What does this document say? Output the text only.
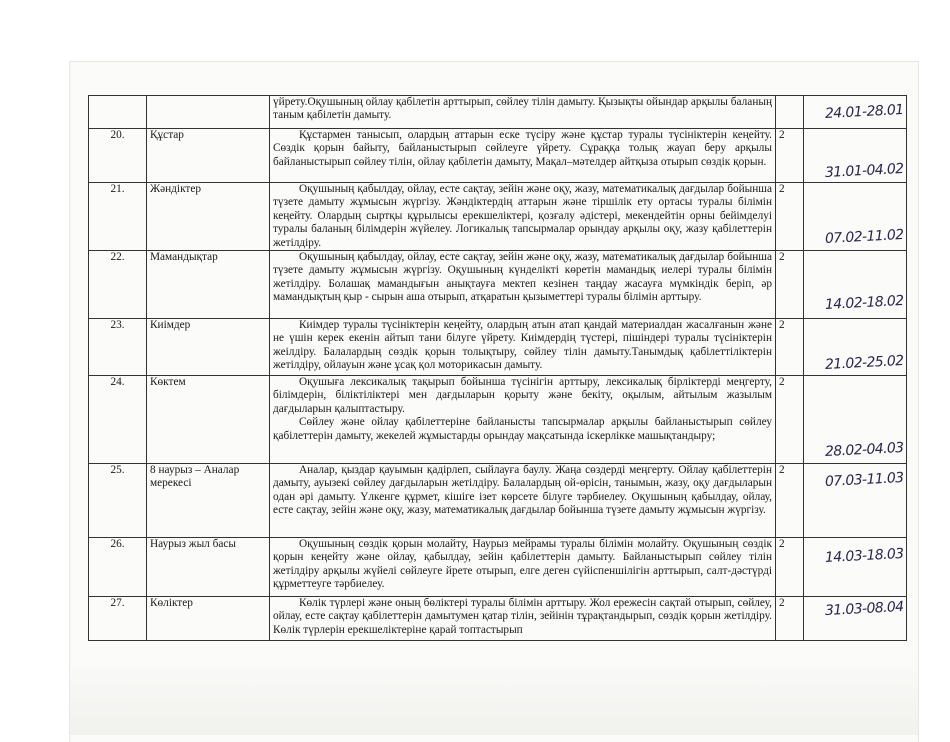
		үйрету.Оқушының ойлау қабілетін арттырып, сөйлеу тілін дамыту. Қызықты ойындар арқылы баланың таным қабілетін дамыту.		24.01-28.01

20.	Құстар	Құстармен танысып, олардың аттарын еске түсіру және құстар туралы түсініктерін кеңейту. Сөздік қорын байыту, байланыстырып сөйлеуге үйрету. Сұраққа толық жауап беру арқылы байланыстырып сөйлеу тілін, ойлау қабілетін дамыту, Мақал–мәтелдер айтқыза отырып сөздік қорын.	2	31.01-04.02

21.	Жәндіктер	Оқушының қабылдау, ойлау, есте сақтау, зейін және оқу, жазу, математикалық дағдылар бойынша түзете дамыту жұмысын жүргізу. Жәндіктердің аттарын және тіршілік ету ортасы туралы білімін кеңейту. Олардың сыртқы құрылысы ерекшеліктері, қозғалу әдістері, мекендейтін орны бейімделуі туралы баланың білімдерін жүйелеу. Логикалық тапсырмалар орындау арқылы оқу, жазу қабілеттерін жетілдіру.	2	07.02-11.02

22.	Мамандықтар	Оқушының қабылдау, ойлау, есте сақтау, зейін және оқу, жазу, математикалық дағдылар бойынша түзете дамыту жұмысын жүргізу. Оқушының күнделікті көретін мамандық иелері туралы білімін жетілдіру. Болашақ мамандығын анықтауға мектеп кезінен таңдау жасауға мүмкіндік беріп, әр мамандықтың қыр - сырын аша отырып, атқаратын қызыметтері туралы білімін арттыру.	2	14.02-18.02

23.	Киімдер	Киімдер туралы түсініктерін кеңейту, олардың атын атап қандай материалдан жасалғанын және не үшін керек екенін айтып тани білуге үйрету. Киімдердің түстері, пішіндері туралы түсініктерін жеілдіру. Балалардың сөздік қорын толықтыру, сөйлеу тілін дамыту.Танымдық қабілеттіліктерін жетілдіру, ойлауын және ұсақ қол моторикасын дамыту.	2	21.02-25.02

24.	Көктем	Оқушыға лексикалық тақырып бойынша түсінігін арттыру, лексикалық бірліктерді меңгерту, білімдерін, біліктіліктері мен дағдыларын қорыту және бекіту, оқылым, айтылым жазылым дағдыларын қалыптастыру.

Сөйлеу және ойлау қабілеттеріне байланысты тапсырмалар арқылы байланыстырып сөйлеу қабілеттерін дамыту, жекелей жұмыстарды орындау мақсатында іскерлікке машықтандыру;	2	28.02-04.03

25.	8 наурыз – Аналар мерекесі	Аналар, қыздар қауымын қадірлеп, сыйлауға баулу. Жаңа сөздерді меңгерту. Ойлау қабілеттерін дамыту, ауызекі сөйлеу дағдыларын жетілдіру. Балалардың ой-өрісін, танымын, жазу, оқу дағдыларын одан әрі дамыту. Үлкенге құрмет, кішіге ізет көрсете білуге тәрбиелеу. Оқушының қабылдау, ойлау, есте сақтау, зейін және оқу, жазу, математикалық дағдылар бойынша түзете дамыту жұмысын жүргізу.	2	07.03-11.03

26.	Наурыз жыл басы	Оқушының сөздік қорын молайту, Наурыз мейрамы туралы білімін молайту. Оқушының сөздік қорын кеңейту және ойлау, қабылдау, зейін қабілеттерін дамыту. Байланыстырып сөйлеу тілін жетілдіру арқылы жүйелі сөйлеуге йрете отырып, елге деген сүйіспеншілігін арттырып, салт-дәстүрді құрметтеуге тәрбиелеу.	2	14.03-18.03

27.	Көліктер	Көлік түрлері және оның бөліктері туралы білімін арттыру. Жол ережесін сақтай отырып, сөйлеу, ойлау, есте сақтау қабілеттерін дамытумен қатар тілін, зейінін тұрақтандырып, сөздік қорын жетілдіру. Көлік түрлерін ерекшеліктеріне қарай топтастырып	2	31.03-08.04
